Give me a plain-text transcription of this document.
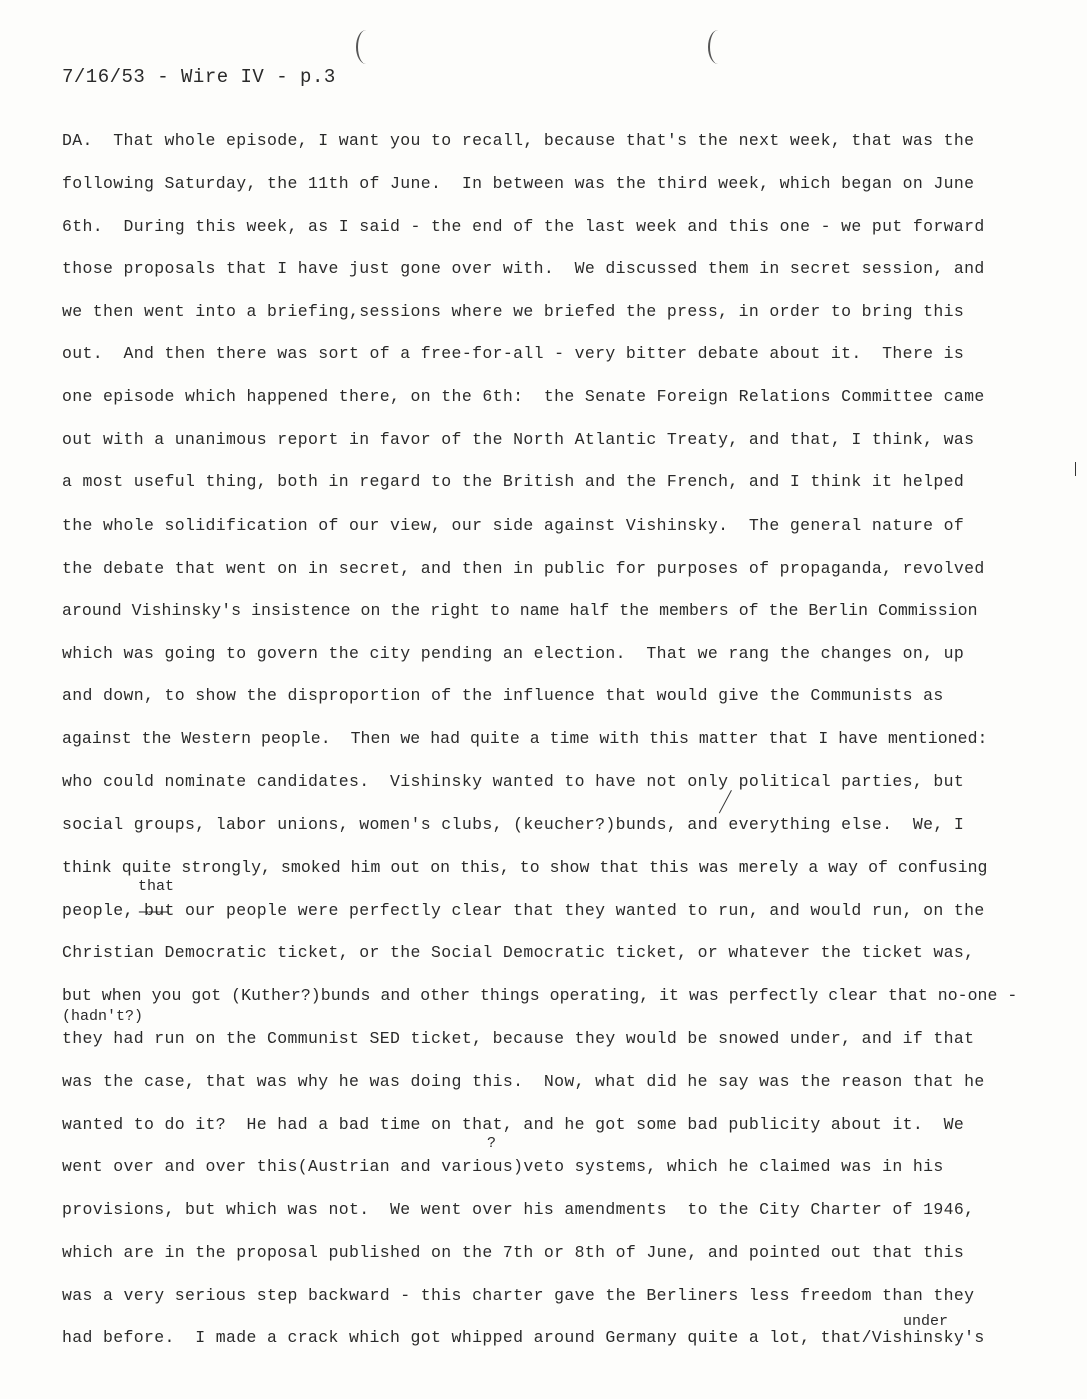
7/16/53 - Wire IV - p.3
DA.  That whole episode, I want you to recall, because that's the next week, that was the
following Saturday, the 11th of June.  In between was the third week, which began on June
6th.  During this week, as I said - the end of the last week and this one - we put forward
those proposals that I have just gone over with.  We discussed them in secret session, and
we then went into a briefing,sessions where we briefed the press, in order to bring this
out.  And then there was sort of a free-for-all - very bitter debate about it.  There is
one episode which happened there, on the 6th:  the Senate Foreign Relations Committee came
out with a unanimous report in favor of the North Atlantic Treaty, and that, I think, was
a most useful thing, both in regard to the British and the French, and I think it helped
the whole solidification of our view, our side against Vishinsky.  The general nature of
the debate that went on in secret, and then in public for purposes of propaganda, revolved
around Vishinsky's insistence on the right to name half the members of the Berlin Commission
which was going to govern the city pending an election.  That we rang the changes on, up
and down, to show the disproportion of the influence that would give the Communists as
against the Western people.  Then we had quite a time with this matter that I have mentioned:
who could nominate candidates.  Vishinsky wanted to have not only political parties, but
social groups, labor unions, women's clubs, (keucher?)bunds, and everything else.  We, I
think quite strongly, smoked him out on this, to show that this was merely a way of confusing
people, ̶b̶u̶t our people were perfectly clear that they wanted to run, and would run, on the
Christian Democratic ticket, or the Social Democratic ticket, or whatever the ticket was,
but when you got (Kuther?)bunds and other things operating, it was perfectly clear that no-one -
they had run on the Communist SED ticket, because they would be snowed under, and if that
was the case, that was why he was doing this.  Now, what did he say was the reason that he
wanted to do it?  He had a bad time on that, and he got some bad publicity about it.  We
went over and over this(Austrian and various)veto systems, which he claimed was in his
provisions, but which was not.  We went over his amendments  to the City Charter of 1946,
which are in the proposal published on the 7th or 8th of June, and pointed out that this
was a very serious step backward - this charter gave the Berliners less freedom than they
had before.  I made a crack which got whipped around Germany quite a lot, that/Vishinsky's
that
(hadn't?)
?
under
